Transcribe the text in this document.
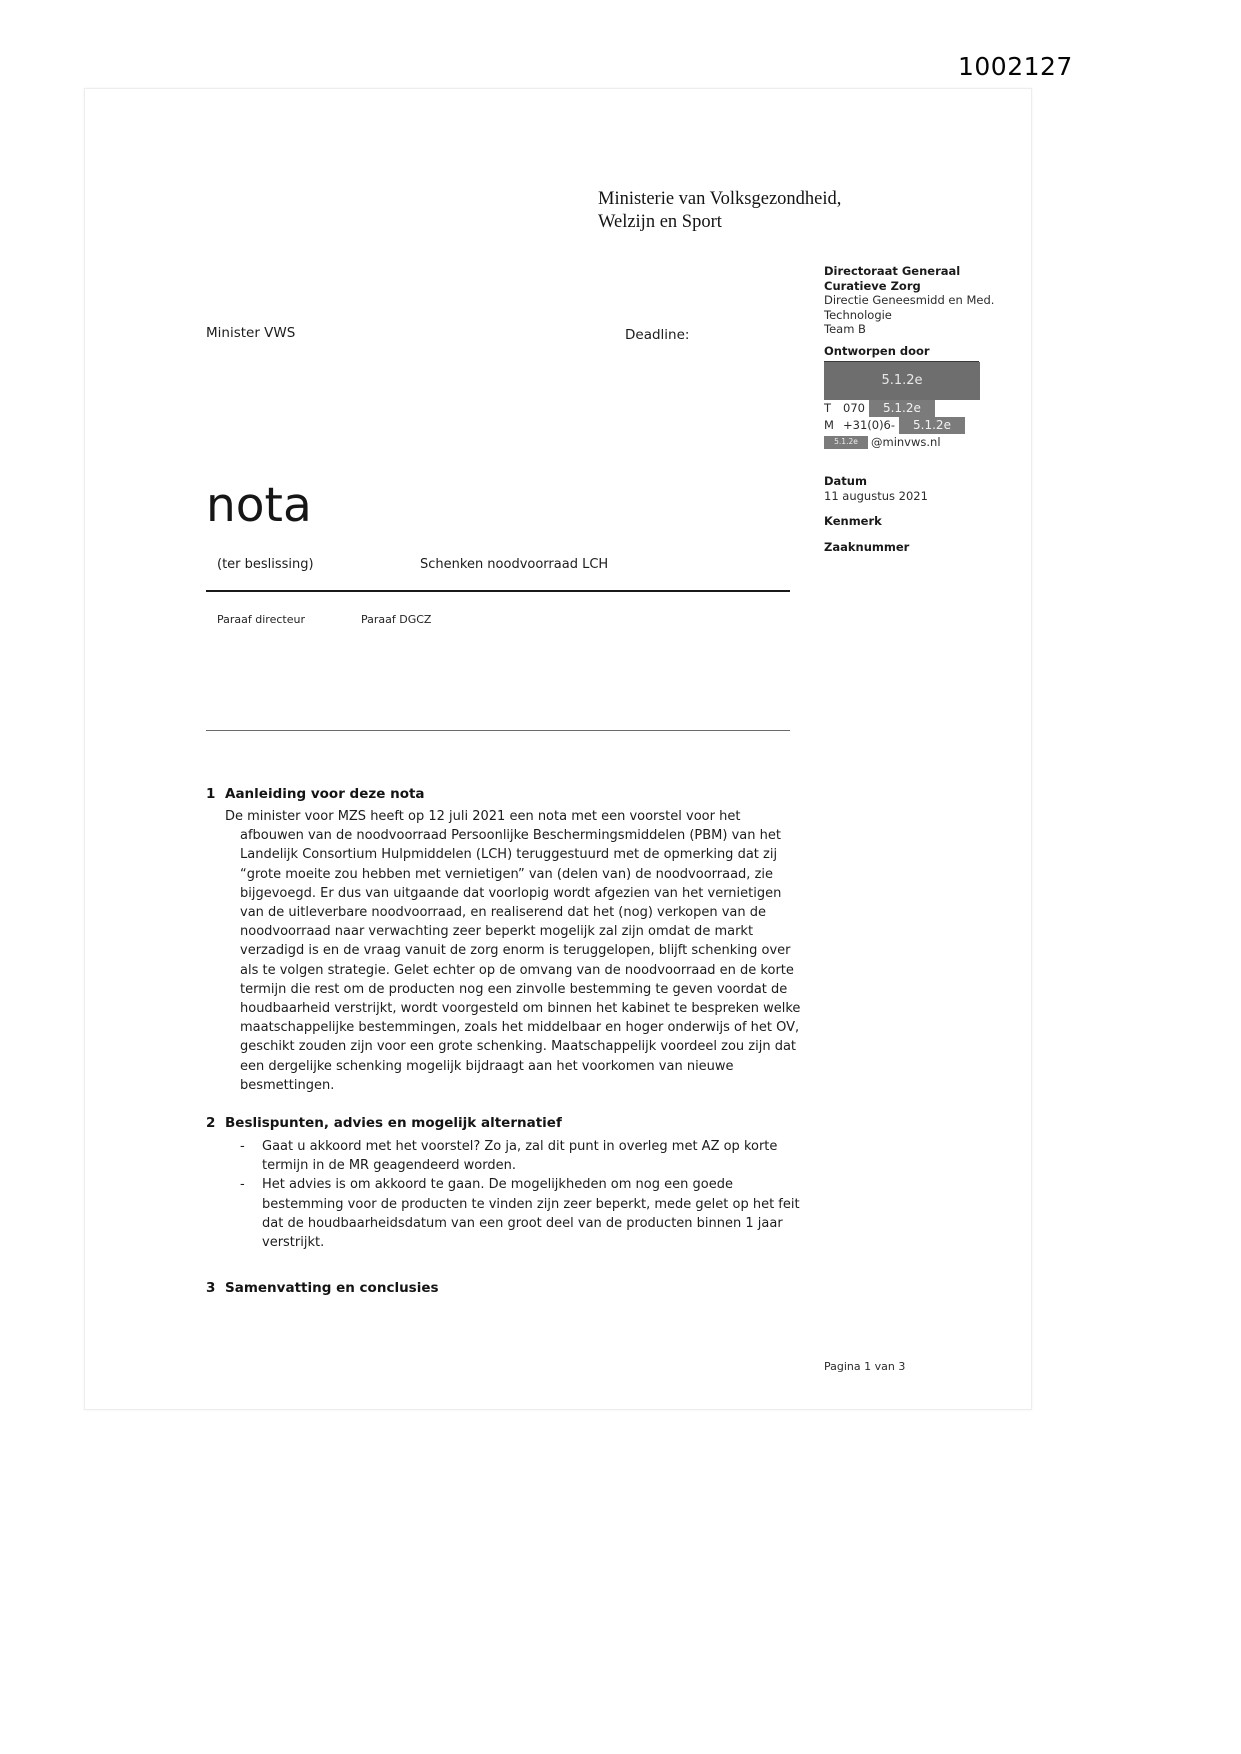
1002127
Ministerie van Volksgezondheid,
Welzijn en Sport
Directoraat Generaal
Curatieve Zorg
Directie Geneesmidd en Med.
Technologie
Team B
Ontworpen door
5.1.2e
T	070 5.1.2e
M +31(0)6- 5.1.2e
5.1.2e @minvws.nl
Datum
11 augustus 2021
Kenmerk
Zaaknummer
Minister VWS	Deadline:
nota
(ter beslissing)	Schenken noodvoorraad LCH
Paraaf directeur	Paraaf DGCZ
1 Aanleiding voor deze nota

De minister voor MZS heeft op 12 juli 2021 een nota met een voorstel voor het afbouwen van de noodvoorraad Persoonlijke Beschermingsmiddelen (PBM) van het Landelijk Consortium Hulpmiddelen (LCH) teruggestuurd met de opmerking dat zij “grote moeite zou hebben met vernietigen” van (delen van) de noodvoorraad, zie bijgevoegd. Er dus van uitgaande dat voorlopig wordt afgezien van het vernietigen van de uitleverbare noodvoorraad, en realiserend dat het (nog) verkopen van de noodvoorraad naar verwachting zeer beperkt mogelijk zal zijn omdat de markt verzadigd is en de vraag vanuit de zorg enorm is teruggelopen, blijft schenking over als te volgen strategie. Gelet echter op de omvang van de noodvoorraad en de korte termijn die rest om de producten nog een zinvolle bestemming te geven voordat de houdbaarheid verstrijkt, wordt voorgesteld om binnen het kabinet te bespreken welke maatschappelijke bestemmingen, zoals het middelbaar en hoger onderwijs of het OV, geschikt zouden zijn voor een grote schenking. Maatschappelijk voordeel zou zijn dat een dergelijke schenking mogelijk bijdraagt aan het voorkomen van nieuwe besmettingen.

2 Beslispunten, advies en mogelijk alternatief
- Gaat u akkoord met het voorstel? Zo ja, zal dit punt in overleg met AZ op korte termijn in de MR geagendeerd worden.
- Het advies is om akkoord te gaan. De mogelijkheden om nog een goede bestemming voor de producten te vinden zijn zeer beperkt, mede gelet op het feit dat de houdbaarheidsdatum van een groot deel van de producten binnen 1 jaar verstrijkt.
3 Samenvatting en conclusies
Pagina 1 van 3
